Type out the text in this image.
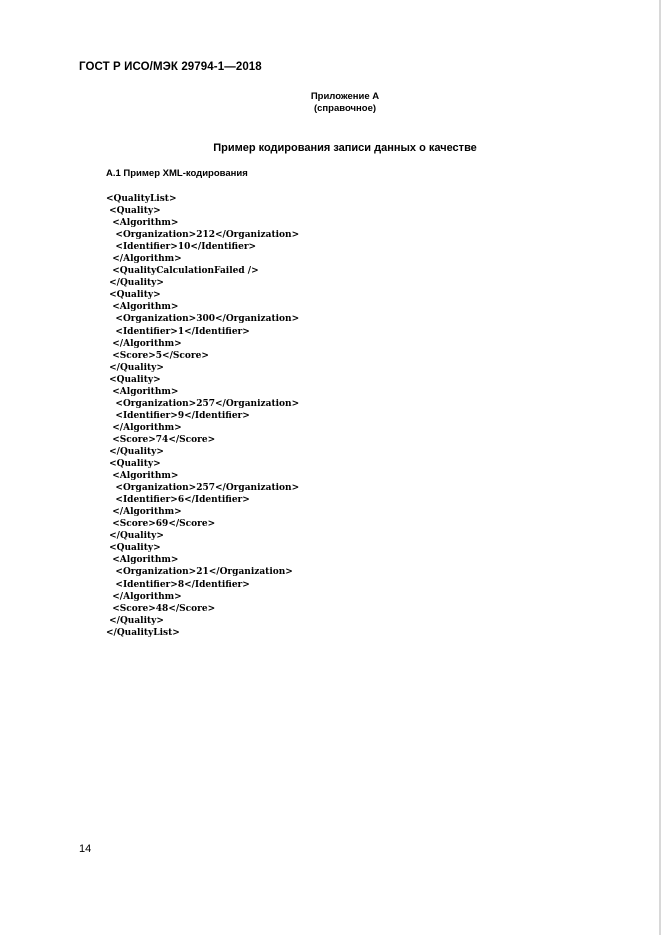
ГОСТ Р ИСО/МЭК 29794-1—2018
Приложение А
(справочное)
Пример кодирования записи данных о качестве
А.1 Пример XML-кодирования
<QualityList>
<Quality>
<Algorithm>
<Organization>212</Organization>
<Identifier>10</Identifier>
</Algorithm>
<QualityCalculationFailed />
</Quality>
<Quality>
<Algorithm>
<Organization>300</Organization>
<Identifier>1</Identifier>
</Algorithm>
<Score>5</Score>
</Quality>
<Quality>
<Algorithm>
<Organization>257</Organization>
<Identifier>9</Identifier>
</Algorithm>
<Score>74</Score>
</Quality>
<Quality>
<Algorithm>
<Organization>257</Organization>
<Identifier>6</Identifier>
</Algorithm>
<Score>69</Score>
</Quality>
<Quality>
<Algorithm>
<Organization>21</Organization>
<Identifier>8</Identifier>
</Algorithm>
<Score>48</Score>
</Quality>
</QualityList>
14
